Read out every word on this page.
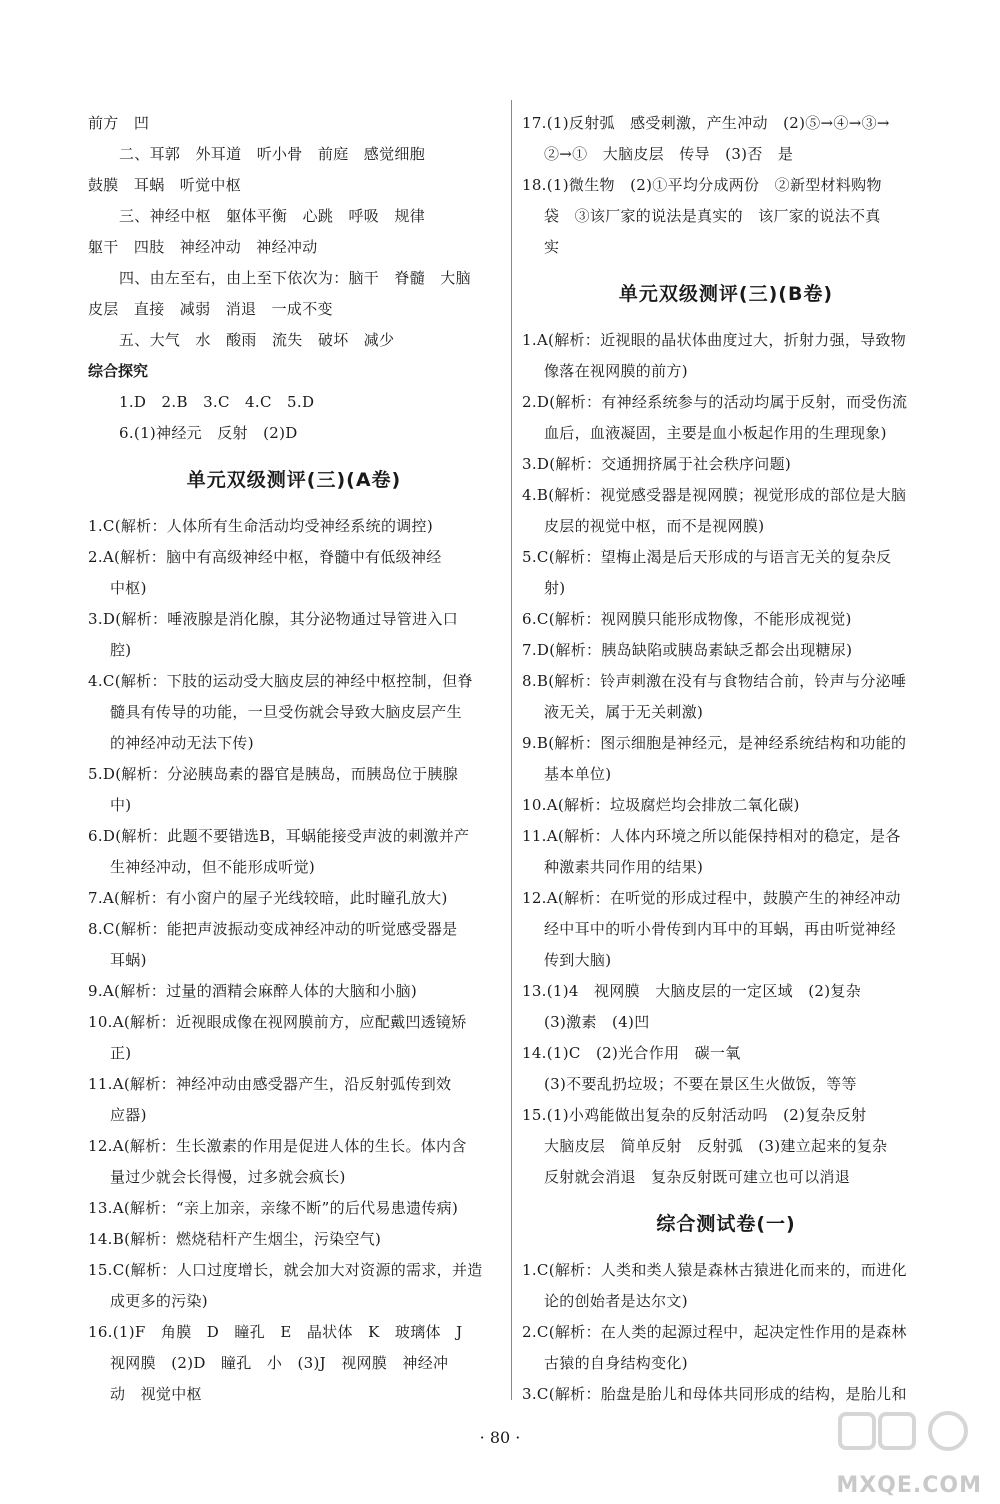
前方　凹
二、耳郭　外耳道　听小骨　前庭　感觉细胞
鼓膜　耳蜗　听觉中枢
三、神经中枢　躯体平衡　心跳　呼吸　规律
躯干　四肢　神经冲动　神经冲动
四、由左至右，由上至下依次为：脑干　脊髓　大脑
皮层　直接　减弱　消退　一成不变
五、大气　水　酸雨　流失　破坏　减少
综合探究
1.D　2.B　3.C　4.C　5.D
6.(1)神经元　反射　(2)D
单元双级测评(三)(A卷)
1.C(解析：人体所有生命活动均受神经系统的调控)
2.A(解析：脑中有高级神经中枢，脊髓中有低级神经
中枢)
3.D(解析：唾液腺是消化腺，其分泌物通过导管进入口
腔)
4.C(解析：下肢的运动受大脑皮层的神经中枢控制，但脊
髓具有传导的功能，一旦受伤就会导致大脑皮层产生
的神经冲动无法下传)
5.D(解析：分泌胰岛素的器官是胰岛，而胰岛位于胰腺
中)
6.D(解析：此题不要错选B，耳蜗能接受声波的刺激并产
生神经冲动，但不能形成听觉)
7.A(解析：有小窗户的屋子光线较暗，此时瞳孔放大)
8.C(解析：能把声波振动变成神经冲动的听觉感受器是
耳蜗)
9.A(解析：过量的酒精会麻醉人体的大脑和小脑)
10.A(解析：近视眼成像在视网膜前方，应配戴凹透镜矫
正)
11.A(解析：神经冲动由感受器产生，沿反射弧传到效
应器)
12.A(解析：生长激素的作用是促进人体的生长。体内含
量过少就会长得慢，过多就会疯长)
13.A(解析：“亲上加亲，亲缘不断”的后代易患遗传病)
14.B(解析：燃烧秸杆产生烟尘，污染空气)
15.C(解析：人口过度增长，就会加大对资源的需求，并造
成更多的污染)
16.(1)F　角膜　D　瞳孔　E　晶状体　K　玻璃体　J
视网膜　(2)D　瞳孔　小　(3)J　视网膜　神经冲
动　视觉中枢
17.(1)反射弧　感受刺激，产生冲动　(2)⑤→④→③→
②→①　大脑皮层　传导　(3)否　是
18.(1)微生物　(2)①平均分成两份　②新型材料购物
袋　③该厂家的说法是真实的　该厂家的说法不真
实
单元双级测评(三)(B卷)
1.A(解析：近视眼的晶状体曲度过大，折射力强，导致物
像落在视网膜的前方)
2.D(解析：有神经系统参与的活动均属于反射，而受伤流
血后，血液凝固，主要是血小板起作用的生理现象)
3.D(解析：交通拥挤属于社会秩序问题)
4.B(解析：视觉感受器是视网膜；视觉形成的部位是大脑
皮层的视觉中枢，而不是视网膜)
5.C(解析：望梅止渴是后天形成的与语言无关的复杂反
射)
6.C(解析：视网膜只能形成物像，不能形成视觉)
7.D(解析：胰岛缺陷或胰岛素缺乏都会出现糖尿)
8.B(解析：铃声刺激在没有与食物结合前，铃声与分泌唾
液无关，属于无关刺激)
9.B(解析：图示细胞是神经元，是神经系统结构和功能的
基本单位)
10.A(解析：垃圾腐烂均会排放二氧化碳)
11.A(解析：人体内环境之所以能保持相对的稳定，是各
种激素共同作用的结果)
12.A(解析：在听觉的形成过程中，鼓膜产生的神经冲动
经中耳中的听小骨传到内耳中的耳蜗，再由听觉神经
传到大脑)
13.(1)4　视网膜　大脑皮层的一定区域　(2)复杂
(3)激素　(4)凹
14.(1)C　(2)光合作用　碳一氧
(3)不要乱扔垃圾；不要在景区生火做饭，等等
15.(1)小鸡能做出复杂的反射活动吗　(2)复杂反射
大脑皮层　简单反射　反射弧　(3)建立起来的复杂
反射就会消退　复杂反射既可建立也可以消退
综合测试卷(一)
1.C(解析：人类和类人猿是森林古猿进化而来的，而进化
论的创始者是达尔文)
2.C(解析：在人类的起源过程中，起决定性作用的是森林
古猿的自身结构变化)
3.C(解析：胎盘是胎儿和母体共同形成的结构，是胎儿和
· 80 ·
MXQE.COM
